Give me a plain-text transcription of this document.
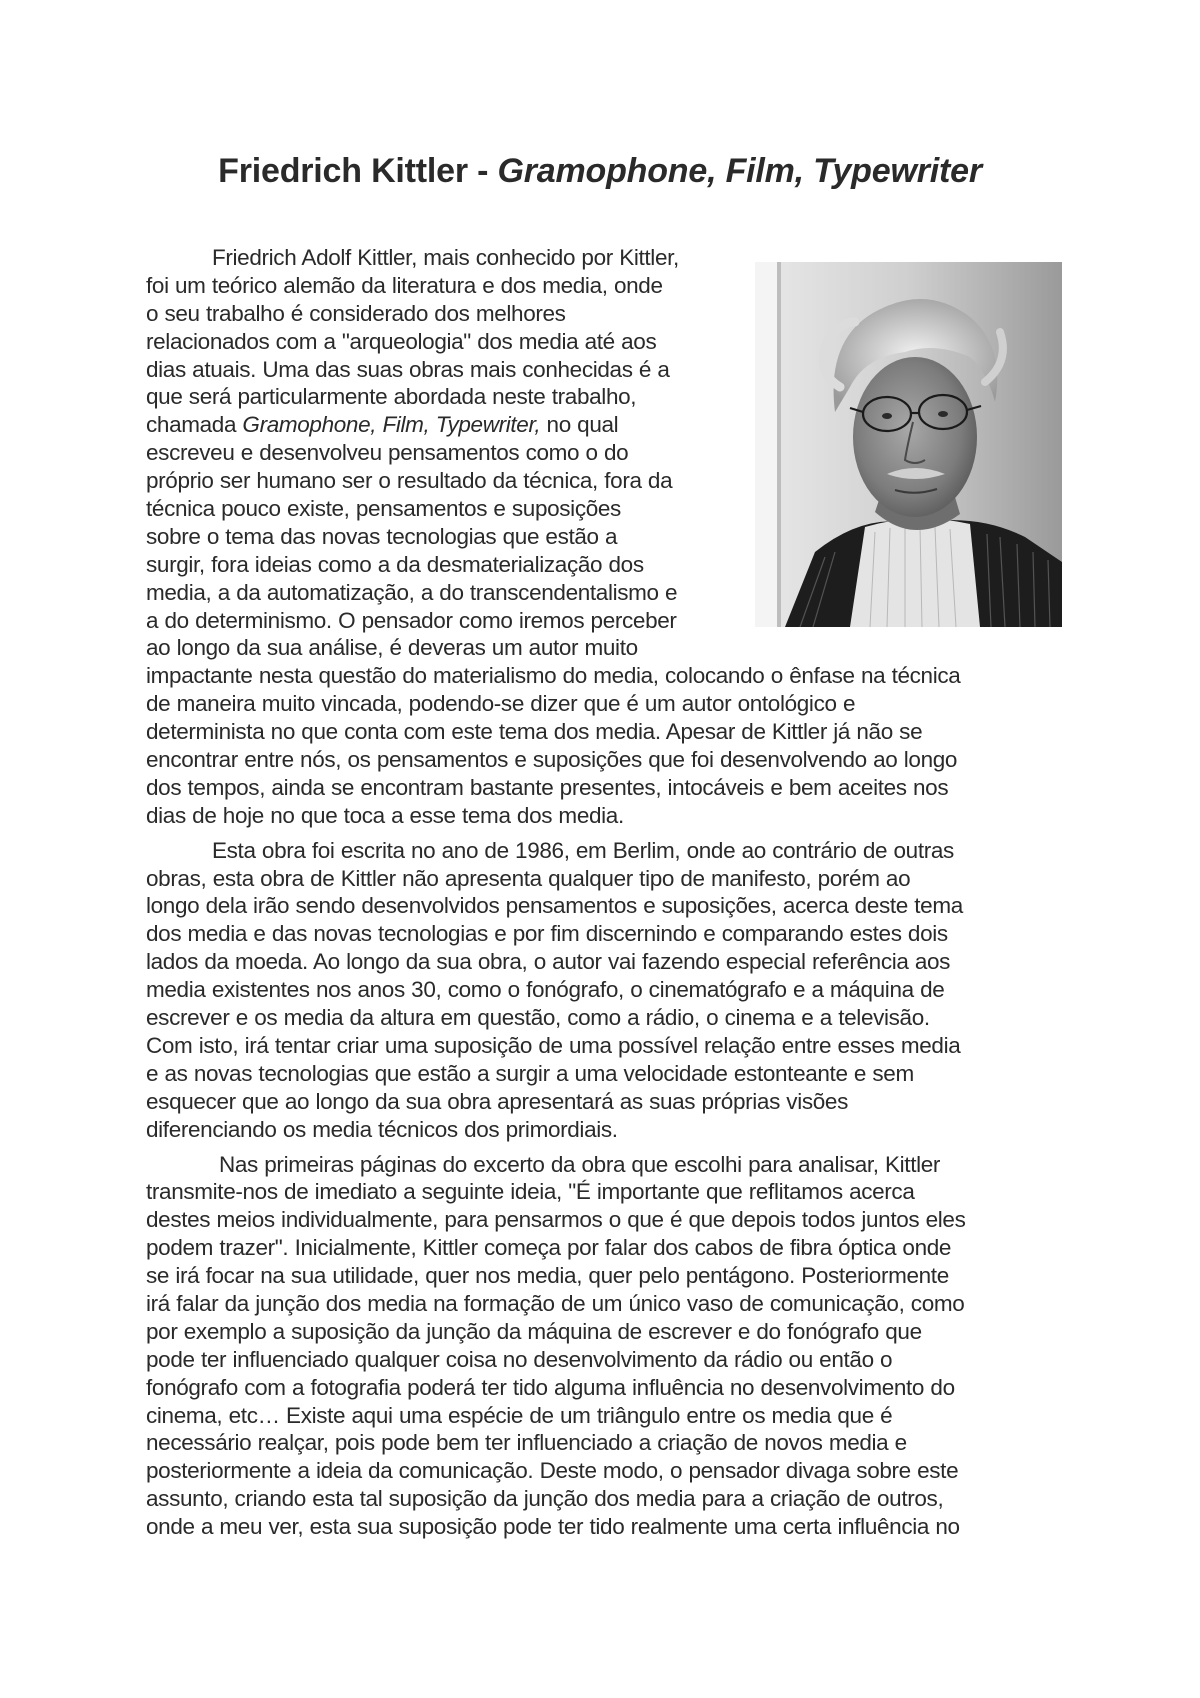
Friedrich Kittler - Gramophone, Film, Typewriter

Friedrich Adolf Kittler, mais conhecido por Kittler,
foi um teórico alemão da literatura e dos media, onde
o seu trabalho é considerado dos melhores
relacionados com a "arqueologia" dos media até aos
dias atuais. Uma das suas obras mais conhecidas é a
que será particularmente abordada neste trabalho,
chamada Gramophone, Film, Typewriter, no qual
escreveu e desenvolveu pensamentos como o do
próprio ser humano ser o resultado da técnica, fora da
técnica pouco existe, pensamentos e suposições
sobre o tema das novas tecnologias que estão a
surgir, fora ideias como a da desmaterialização dos
media, a da automatização, a do transcendentalismo e
a do determinismo. O pensador como iremos perceber
ao longo da sua análise, é deveras um autor muito
impactante nesta questão do materialismo do media, colocando o ênfase na técnica
de maneira muito vincada, podendo-se dizer que é um autor ontológico e
determinista no que conta com este tema dos media. Apesar de Kittler já não se
encontrar entre nós, os pensamentos e suposições que foi desenvolvendo ao longo
dos tempos, ainda se encontram bastante presentes, intocáveis e bem aceites nos
dias de hoje no que toca a esse tema dos media.

Esta obra foi escrita no ano de 1986, em Berlim, onde ao contrário de outras
obras, esta obra de Kittler não apresenta qualquer tipo de manifesto, porém ao
longo dela irão sendo desenvolvidos pensamentos e suposições, acerca deste tema
dos media e das novas tecnologias e por fim discernindo e comparando estes dois
lados da moeda. Ao longo da sua obra, o autor vai fazendo especial referência aos
media existentes nos anos 30, como o fonógrafo, o cinematógrafo e a máquina de
escrever e os media da altura em questão, como a rádio, o cinema e a televisão.
Com isto, irá tentar criar uma suposição de uma possível relação entre esses media
e as novas tecnologias que estão a surgir a uma velocidade estonteante e sem
esquecer que ao longo da sua obra apresentará as suas próprias visões
diferenciando os media técnicos dos primordiais.

Nas primeiras páginas do excerto da obra que escolhi para analisar, Kittler
transmite-nos de imediato a seguinte ideia, "É importante que reflitamos acerca
destes meios individualmente, para pensarmos o que é que depois todos juntos eles
podem trazer". Inicialmente, Kittler começa por falar dos cabos de fibra óptica onde
se irá focar na sua utilidade, quer nos media, quer pelo pentágono. Posteriormente
irá falar da junção dos media na formação de um único vaso de comunicação, como
por exemplo a suposição da junção da máquina de escrever e do fonógrafo que
pode ter influenciado qualquer coisa no desenvolvimento da rádio ou então o
fonógrafo com a fotografia poderá ter tido alguma influência no desenvolvimento do
cinema, etc… Existe aqui uma espécie de um triângulo entre os media que é
necessário realçar, pois pode bem ter influenciado a criação de novos media e
posteriormente a ideia da comunicação. Deste modo, o pensador divaga sobre este
assunto, criando esta tal suposição da junção dos media para a criação de outros,
onde a meu ver, esta sua suposição pode ter tido realmente uma certa influência no
